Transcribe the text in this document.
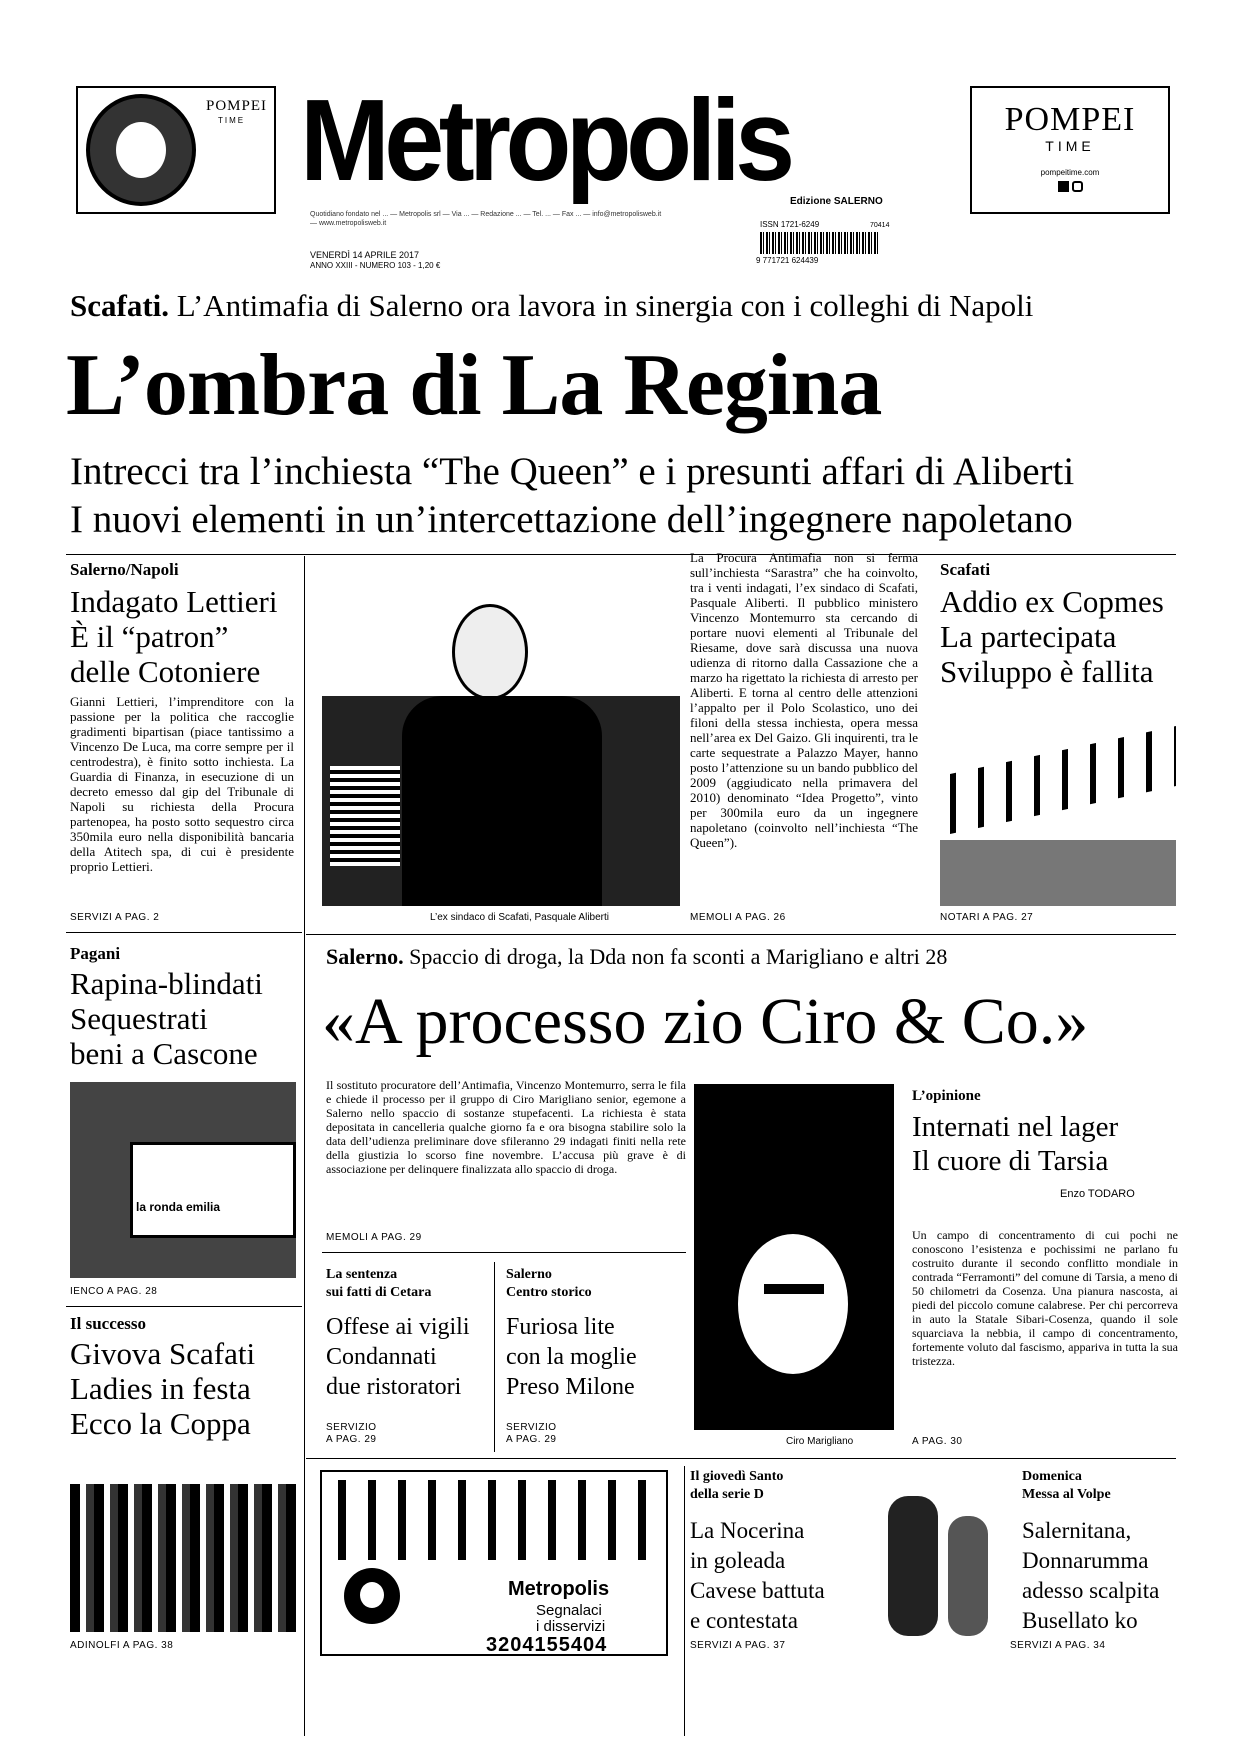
POMPEI
TIME Metropolis Edizione SALERNO
Quotidiano fondato nel ... — Metropolis srl — Via ... — Redazione ... — Tel. ... — Fax ... — info@metropolisweb.it — www.metropolisweb.it
VENERDÌ 14 APRILE 2017
ANNO XXIII - NUMERO 103 - 1,20 €
ISSN 1721-6249
9 771721 624439
70414
POMPEI
TIME
pompeitime.com

Scafati. L’Antimafia di Salerno ora lavora in sinergia con i colleghi di Napoli
L’ombra di La Regina
Intrecci tra l’inchiesta “The Queen” e i presunti affari di Aliberti
I nuovi elementi in un’intercettazione dell’ingegnere napoletano
Salerno/Napoli
Indagato Lettieri
È il “patron”
delle Cotoniere
Gianni Lettieri, l’imprenditore con la passione per la politica che raccoglie gradimenti bipartisan (piace tantissimo a Vincenzo De Luca, ma corre sempre per il centrodestra), è finito sotto inchiesta. La Guardia di Finanza, in esecuzione di un decreto emesso dal gip del Tribunale di Napoli su richiesta della Procura partenopea, ha posto sotto sequestro circa 350mila euro nella disponibilità bancaria della Atitech spa, di cui è presidente proprio Lettieri.
SERVIZI A PAG. 2	L’ex sindaco di Scafati, Pasquale Aliberti
La Procura Antimafia non si ferma sull’inchiesta “Sarastra” che ha coinvolto, tra i venti indagati, l’ex sindaco di Scafati, Pasquale Aliberti. Il pubblico ministero Vincenzo Montemurro sta cercando di portare nuovi elementi al Tribunale del Riesame, dove sarà discussa una nuova udienza di ritorno dalla Cassazione che a marzo ha rigettato la richiesta di arresto per Aliberti. E torna al centro delle attenzioni l’appalto per il Polo Scolastico, uno dei filoni della stessa inchiesta, opera messa nell’area ex Del Gaizo. Gli inquirenti, tra le carte sequestrate a Palazzo Mayer, hanno posto l’attenzione su un bando pubblico del 2009 (aggiudicato nella primavera del 2010) denominato “Idea Progetto”, vinto per 300mila euro da un ingegnere napoletano (coinvolto nell’inchiesta “The Queen”).
MEMOLI A PAG. 26
Scafati
Addio ex Copmes
La partecipata
Sviluppo è fallita
NOTARI A PAG. 27
Pagani
Rapina-blindati
Sequestrati
beni a Cascone
la ronda emilia
IENCO A PAG. 28
Il successo
Givova Scafati
Ladies in festa
Ecco la Coppa
ADINOLFI A PAG. 38
Salerno. Spaccio di droga, la Dda non fa sconti a Marigliano e altri 28
«A processo zio Ciro & Co.»
Il sostituto procuratore dell’Antimafia, Vincenzo Montemurro, serra le fila e chiede il processo per il gruppo di Ciro Marigliano senior, egemone a Salerno nello spaccio di sostanze stupefacenti. La richiesta è stata depositata in cancelleria qualche giorno fa e ora bisogna stabilire solo la data dell’udienza preliminare dove sfileranno 29 indagati finiti nella rete della giustizia lo scorso fine novembre. L’accusa più grave è di associazione per delinquere finalizzata allo spaccio di droga.
MEMOLI A PAG. 29
Ciro Marigliano
La sentenza
sui fatti di Cetara
Offese ai vigili
Condannati
due ristoratori
SERVIZIO
A PAG. 29
Salerno
Centro storico
Furiosa lite
con la moglie
Preso Milone
SERVIZIO
A PAG. 29
L’opinione
Internati nel lager
Il cuore di Tarsia
Enzo TODARO
Un campo di concentramento di cui pochi ne conoscono l’esistenza e pochissimi ne parlano fu costruito durante il secondo conflitto mondiale in contrada “Ferramonti” del comune di Tarsia, a meno di 50 chilometri da Cosenza. Una pianura nascosta, ai piedi del piccolo comune calabrese. Per chi percorreva in auto la Statale Sibari-Cosenza, quando il sole squarciava la nebbia, il campo di concentramento, fortemente voluto dal fascismo, appariva in tutta la sua tristezza.
A PAG. 30
Metropolis
Segnalaci
i disservizi
3204155404
Il giovedì Santo
della serie D
La Nocerina
in goleada
Cavese battuta
e contestata
SERVIZI A PAG. 37
Domenica
Messa al Volpe
Salernitana,
Donnarumma
adesso scalpita
Busellato ko
SERVIZI A PAG. 34
